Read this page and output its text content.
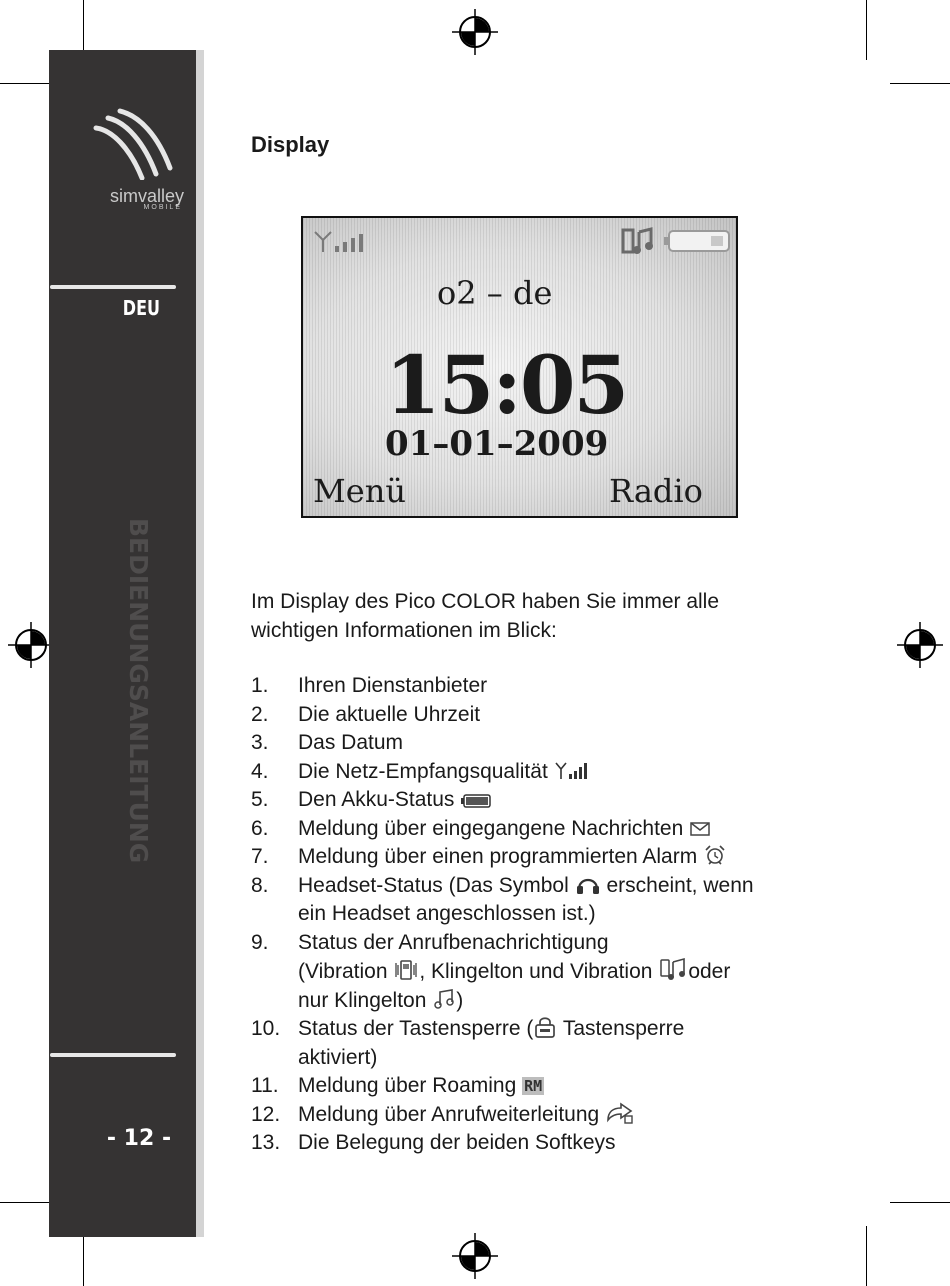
simvalley
MOBILE
DEU
BEDIENUNGSANLEITUNG
- 12 -
Display
o2 – de
15:05
01–01–2009
Menü	Radio
Im Display des Pico COLOR haben Sie immer alle
wichtigen Informationen im Blick:
1. Ihren Dienstanbieter
2. Die aktuelle Uhrzeit
3. Das Datum
4. Die Netz-Empfangsqualität
5. Den Akku-Status
6. Meldung über eingegangene Nachrichten
7. Meldung über einen programmierten Alarm
8. Headset-Status (Das Symbol erscheint, wenn
ein Headset angeschlossen ist.)
9. Status der Anrufbenachrichtigung
(Vibration , Klingelton und Vibration oder
nur Klingelton )
10. Status der Tastensperre ( Tastensperre
aktiviert)
11. Meldung über Roaming RM
12. Meldung über Anrufweiterleitung
13. Die Belegung der beiden Softkeys
